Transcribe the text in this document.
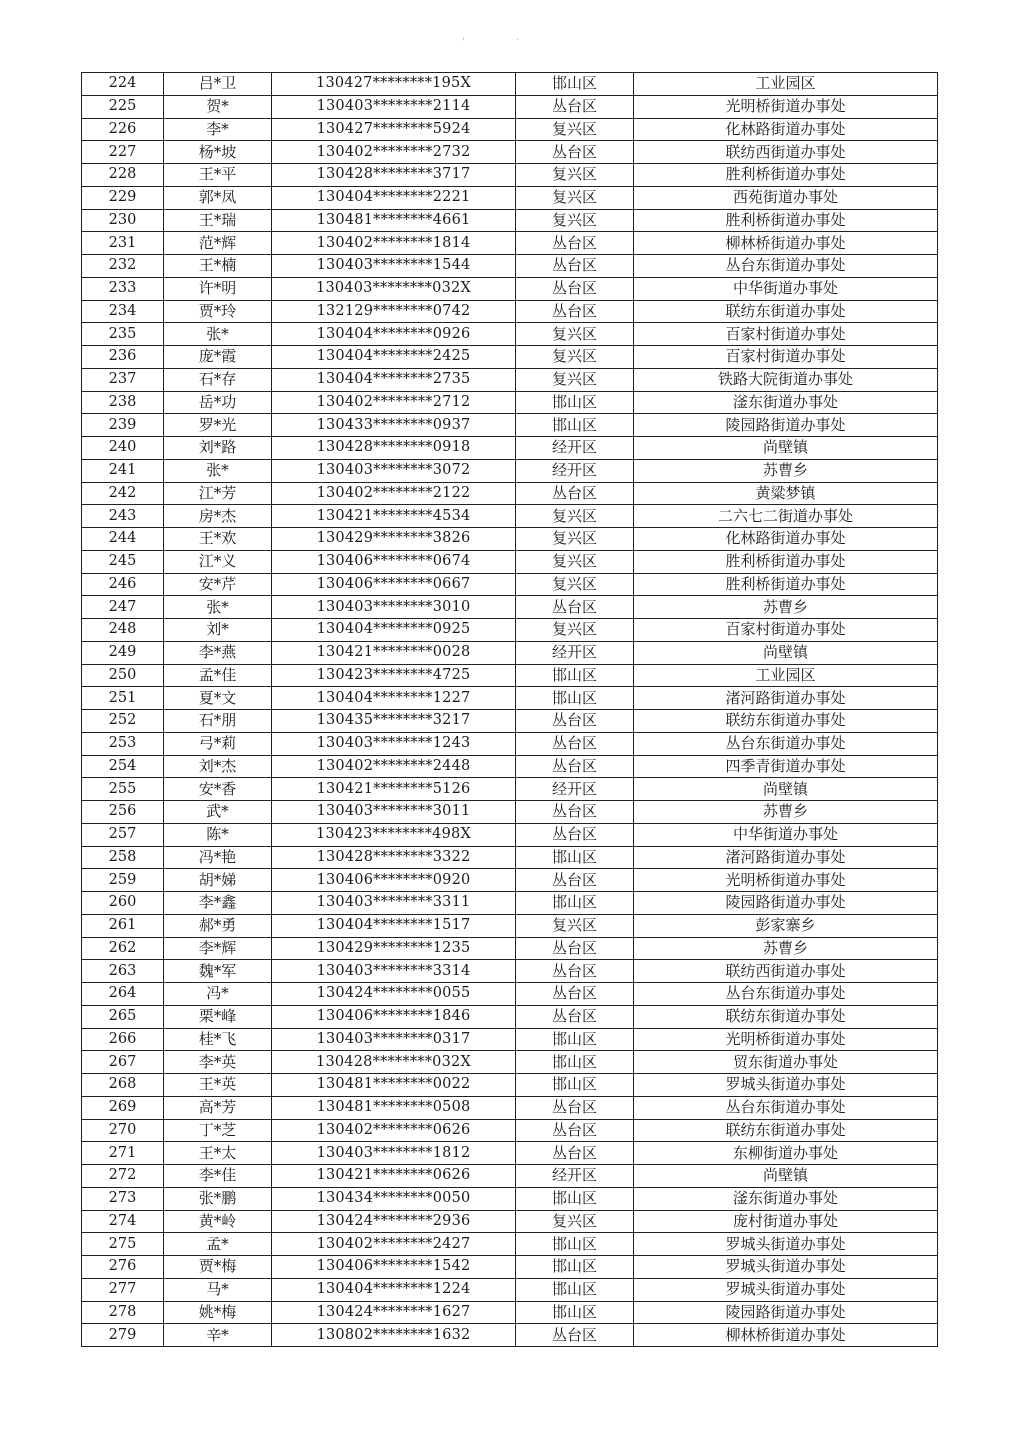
'	·
224	吕*卫	130427********195X	邯山区	工业园区
225	贺*	130403********2114	丛台区	光明桥街道办事处
226	李*	130427********5924	复兴区	化林路街道办事处
227	杨*坡	130402********2732	丛台区	联纺西街道办事处
228	王*平	130428********3717	复兴区	胜利桥街道办事处
229	郭*凤	130404********2221	复兴区	西苑街道办事处
230	王*瑞	130481********4661	复兴区	胜利桥街道办事处
231	范*辉	130402********1814	丛台区	柳林桥街道办事处
232	王*楠	130403********1544	丛台区	丛台东街道办事处
233	许*明	130403********032X	丛台区	中华街道办事处
234	贾*玲	132129********0742	丛台区	联纺东街道办事处
235	张*	130404********0926	复兴区	百家村街道办事处
236	庞*霞	130404********2425	复兴区	百家村街道办事处
237	石*存	130404********2735	复兴区	铁路大院街道办事处
238	岳*功	130402********2712	邯山区	滏东街道办事处
239	罗*光	130433********0937	邯山区	陵园路街道办事处
240	刘*路	130428********0918	经开区	尚壁镇
241	张*	130403********3072	经开区	苏曹乡
242	江*芳	130402********2122	丛台区	黄粱梦镇
243	房*杰	130421********4534	复兴区	二六七二街道办事处
244	王*欢	130429********3826	复兴区	化林路街道办事处
245	江*义	130406********0674	复兴区	胜利桥街道办事处
246	安*芹	130406********0667	复兴区	胜利桥街道办事处
247	张*	130403********3010	丛台区	苏曹乡
248	刘*	130404********0925	复兴区	百家村街道办事处
249	李*燕	130421********0028	经开区	尚壁镇
250	孟*佳	130423********4725	邯山区	工业园区
251	夏*文	130404********1227	邯山区	渚河路街道办事处
252	石*朋	130435********3217	丛台区	联纺东街道办事处
253	弓*莉	130403********1243	丛台区	丛台东街道办事处
254	刘*杰	130402********2448	丛台区	四季青街道办事处
255	安*香	130421********5126	经开区	尚壁镇
256	武*	130403********3011	丛台区	苏曹乡
257	陈*	130423********498X	丛台区	中华街道办事处
258	冯*艳	130428********3322	邯山区	渚河路街道办事处
259	胡*娣	130406********0920	丛台区	光明桥街道办事处
260	李*鑫	130403********3311	邯山区	陵园路街道办事处
261	郝*勇	130404********1517	复兴区	彭家寨乡
262	李*辉	130429********1235	丛台区	苏曹乡
263	魏*军	130403********3314	丛台区	联纺西街道办事处
264	冯*	130424********0055	丛台区	丛台东街道办事处
265	栗*峰	130406********1846	丛台区	联纺东街道办事处
266	桂*飞	130403********0317	邯山区	光明桥街道办事处
267	李*英	130428********032X	邯山区	贸东街道办事处
268	王*英	130481********0022	邯山区	罗城头街道办事处
269	高*芳	130481********0508	丛台区	丛台东街道办事处
270	丁*芝	130402********0626	丛台区	联纺东街道办事处
271	王*太	130403********1812	丛台区	东柳街道办事处
272	李*佳	130421********0626	经开区	尚壁镇
273	张*鹏	130434********0050	邯山区	滏东街道办事处
274	黄*岭	130424********2936	复兴区	庞村街道办事处
275	孟*	130402********2427	邯山区	罗城头街道办事处
276	贾*梅	130406********1542	邯山区	罗城头街道办事处
277	马*	130404********1224	邯山区	罗城头街道办事处
278	姚*梅	130424********1627	邯山区	陵园路街道办事处
279	辛*	130802********1632	丛台区	柳林桥街道办事处
